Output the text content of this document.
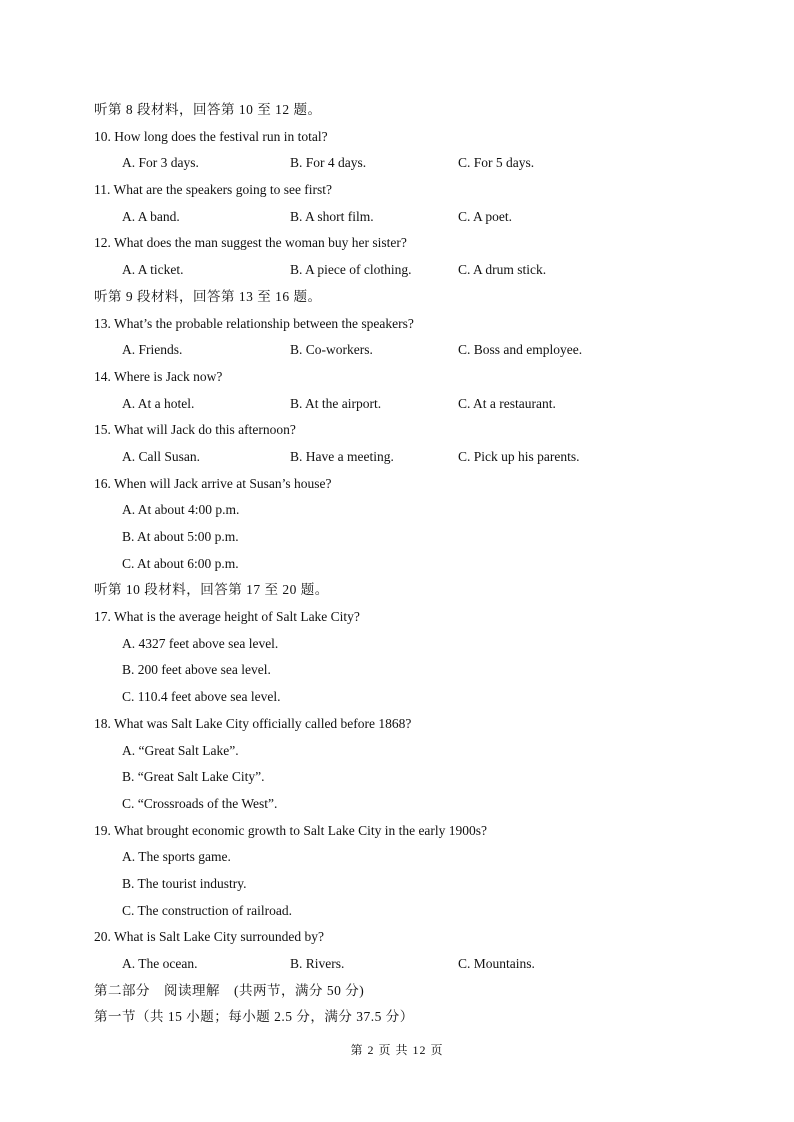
听第 8 段材料，回答第 10 至 12 题。
10. How long does the festival run in total?
A. For 3 days.	B. For 4 days.	C. For 5 days.
11. What are the speakers going to see first?
A. A band.	B. A short film.	C. A poet.
12. What does the man suggest the woman buy her sister?
A. A ticket.	B. A piece of clothing.	C. A drum stick.
听第 9 段材料，回答第 13 至 16 题。
13. What’s the probable relationship between the speakers?
A. Friends.	B. Co-workers.	C. Boss and employee.
14. Where is Jack now?
A. At a hotel.	B. At the airport.	C. At a restaurant.
15. What will Jack do this afternoon?
A. Call Susan.	B. Have a meeting.	C. Pick up his parents.
16. When will Jack arrive at Susan’s house?
A. At about 4:00 p.m.
B. At about 5:00 p.m.
C. At about 6:00 p.m.
听第 10 段材料，回答第 17 至 20 题。
17. What is the average height of Salt Lake City?
A. 4327 feet above sea level.
B. 200 feet above sea level.
C. 110.4 feet above sea level.
18. What was Salt Lake City officially called before 1868?
A. “Great Salt Lake”.
B. “Great Salt Lake City”.
C. “Crossroads of the West”.
19. What brought economic growth to Salt Lake City in the early 1900s?
A. The sports game.
B. The tourist industry.
C. The construction of railroad.
20. What is Salt Lake City surrounded by?
A. The ocean.	B. Rivers.	C. Mountains.
第二部分　阅读理解　(共两节，满分 50 分)
第一节（共 15 小题；每小题 2.5 分，满分 37.5 分）
第 2 页 共 12 页
